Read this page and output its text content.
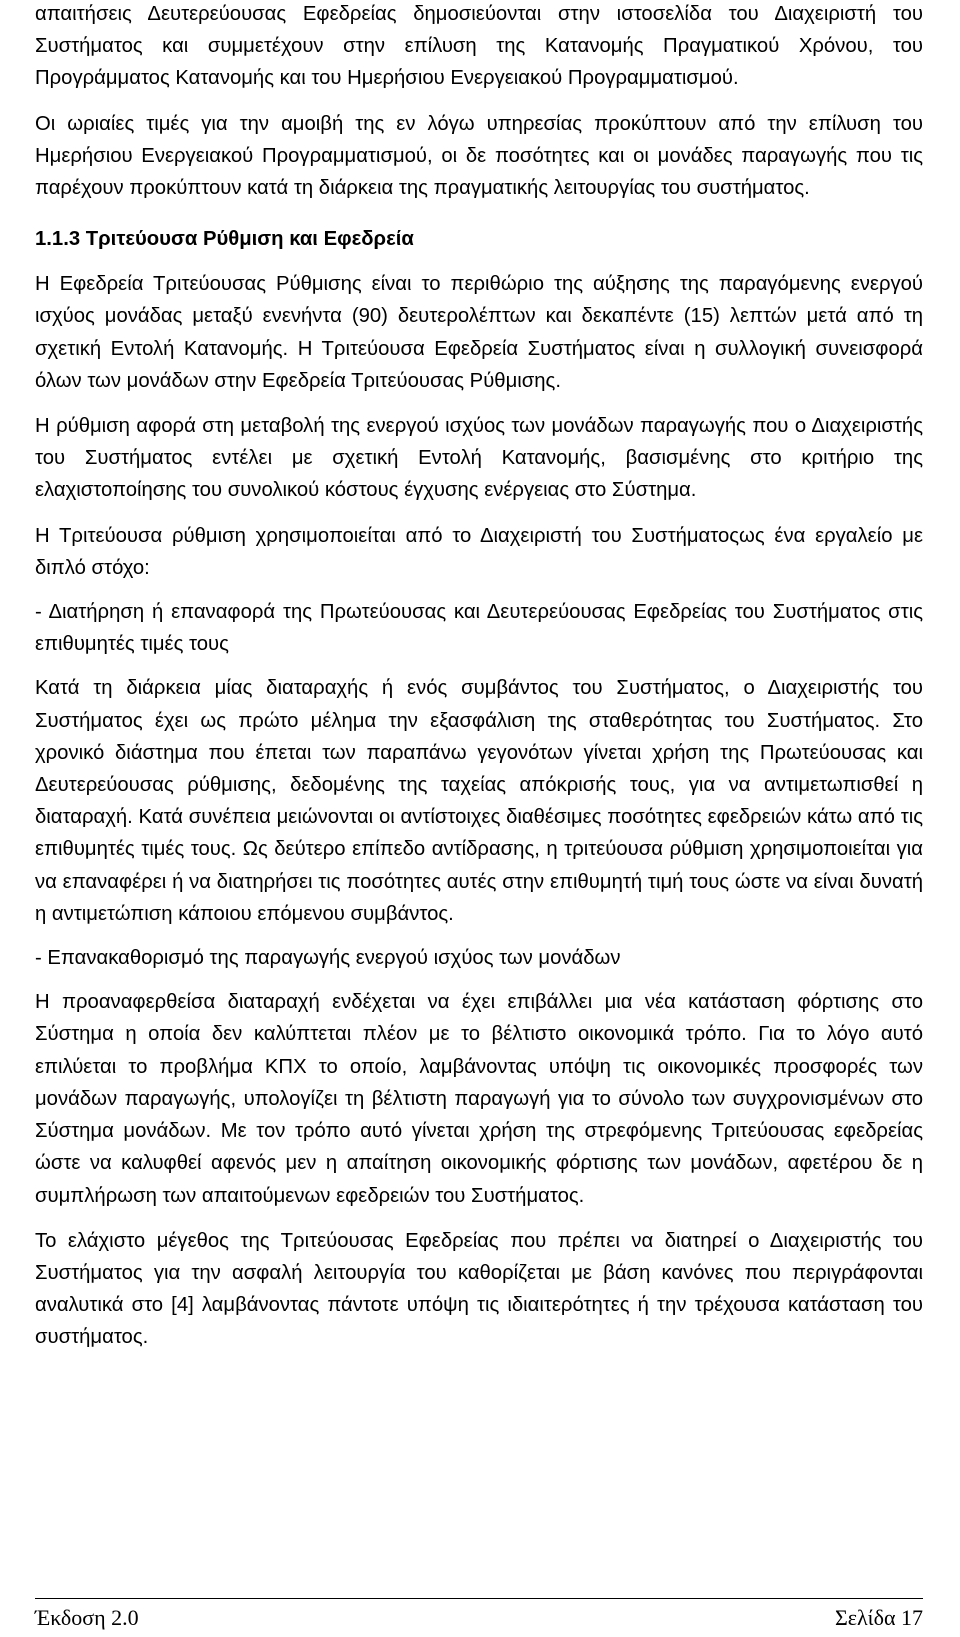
απαιτήσεις Δευτερεύουσας Εφεδρείας δημοσιεύονται στην ιστοσελίδα του Διαχειριστή του Συστήματος και συμμετέχουν στην επίλυση της Κατανομής Πραγματικού Χρόνου, του Προγράμματος Κατανομής και του Ημερήσιου Ενεργειακού Προγραμματισμού.

Οι ωριαίες τιμές για την αμοιβή της εν λόγω υπηρεσίας προκύπτουν από την επίλυση του Ημερήσιου Ενεργειακού Προγραμματισμού, οι δε ποσότητες και οι μονάδες παραγωγής που τις παρέχουν προκύπτουν κατά τη διάρκεια της πραγματικής λειτουργίας του συστήματος.

1.1.3 Τριτεύουσα Ρύθμιση και Εφεδρεία

Η Εφεδρεία Τριτεύουσας Ρύθμισης είναι το περιθώριο της αύξησης της παραγόμενης ενεργού ισχύος μονάδας μεταξύ ενενήντα (90) δευτερολέπτων και δεκαπέντε (15) λεπτών μετά από τη σχετική Εντολή Κατανομής. Η Τριτεύουσα Εφεδρεία Συστήματος είναι η συλλογική συνεισφορά όλων των μονάδων στην Εφεδρεία Τριτεύουσας Ρύθμισης.

Η ρύθμιση αφορά στη μεταβολή της ενεργού ισχύος των μονάδων παραγωγής που ο Διαχειριστής του Συστήματος εντέλει με σχετική Εντολή Κατανομής, βασισμένης στο κριτήριο της ελαχιστοποίησης του συνολικού κόστους έγχυσης ενέργειας στο Σύστημα.

Η Τριτεύουσα ρύθμιση χρησιμοποιείται από το Διαχειριστή του Συστήματοςως ένα εργαλείο με διπλό στόχο:

- Διατήρηση ή επαναφορά της Πρωτεύουσας και Δευτερεύουσας Εφεδρείας του Συστήματος στις επιθυμητές τιμές τους

Κατά τη διάρκεια μίας διαταραχής ή ενός συμβάντος του Συστήματος, ο Διαχειριστής του Συστήματος έχει ως πρώτο μέλημα την εξασφάλιση της σταθερότητας του Συστήματος. Στο χρονικό διάστημα που έπεται των παραπάνω γεγονότων γίνεται χρήση της Πρωτεύουσας και Δευτερεύουσας ρύθμισης, δεδομένης της ταχείας απόκρισής τους, για να αντιμετωπισθεί η διαταραχή. Κατά συνέπεια μειώνονται οι αντίστοιχες διαθέσιμες ποσότητες εφεδρειών κάτω από τις επιθυμητές τιμές τους. Ως δεύτερο επίπεδο αντίδρασης, η τριτεύουσα ρύθμιση χρησιμοποιείται για να επαναφέρει ή να διατηρήσει τις ποσότητες αυτές στην επιθυμητή τιμή τους ώστε να είναι δυνατή η αντιμετώπιση κάποιου επόμενου συμβάντος.

- Επανακαθορισμό της παραγωγής ενεργού ισχύος των μονάδων

Η προαναφερθείσα διαταραχή ενδέχεται να έχει επιβάλλει μια νέα κατάσταση φόρτισης στο Σύστημα η οποία δεν καλύπτεται πλέον με το βέλτιστο οικονομικά τρόπο. Για το λόγο αυτό επιλύεται το προβλήμα ΚΠΧ το οποίο, λαμβάνοντας υπόψη τις οικονομικές προσφορές των μονάδων παραγωγής, υπολογίζει τη βέλτιστη παραγωγή για το σύνολο των συγχρονισμένων στο Σύστημα μονάδων. Με τον τρόπο αυτό γίνεται χρήση της στρεφόμενης Τριτεύουσας εφεδρείας ώστε να καλυφθεί αφενός μεν η απαίτηση οικονομικής φόρτισης των μονάδων, αφετέρου δε η συμπλήρωση των απαιτούμενων εφεδρειών του Συστήματος.

Το ελάχιστο μέγεθος της Τριτεύουσας Εφεδρείας που πρέπει να διατηρεί ο Διαχειριστής του Συστήματος για την ασφαλή λειτουργία του καθορίζεται με βάση κανόνες που περιγράφονται αναλυτικά στο [4] λαμβάνοντας πάντοτε υπόψη τις ιδιαιτερότητες ή την τρέχουσα κατάσταση του συστήματος.

Έκδοση 2.0	Σελίδα 17
